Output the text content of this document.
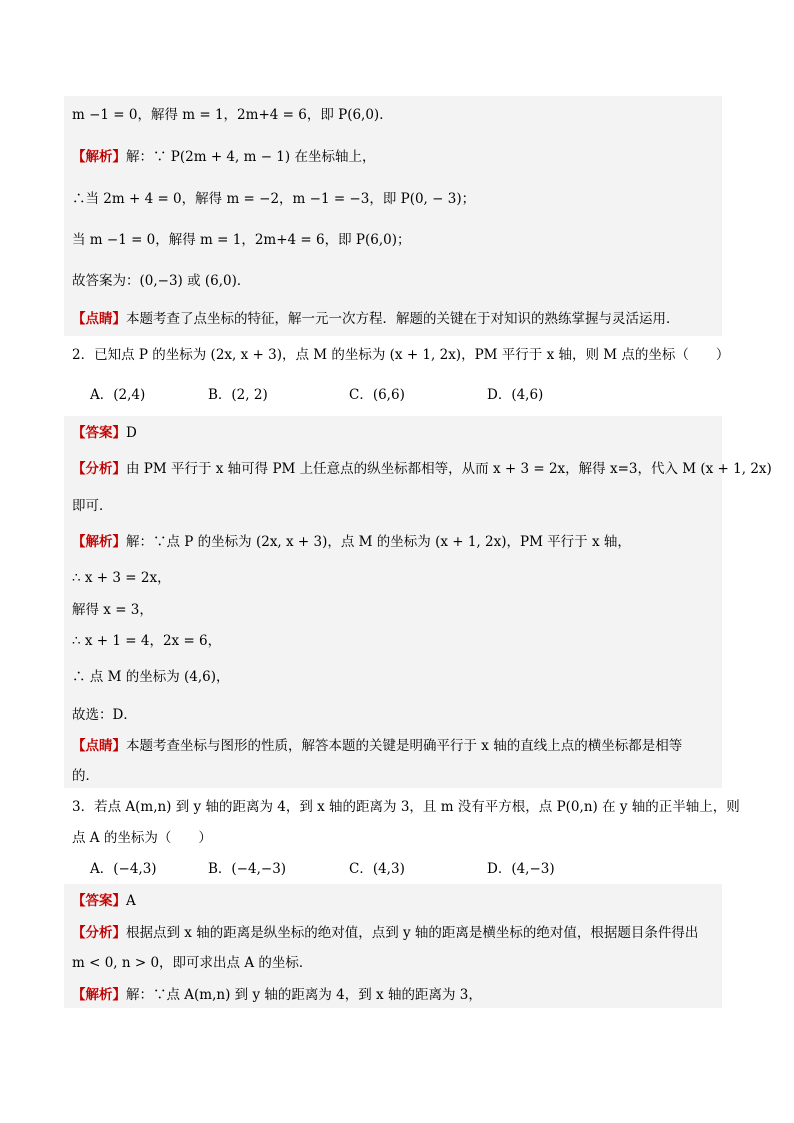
m −1 = 0，解得 m = 1，2m+4 = 6，即 P(6,0)．
【解析】解：∵ P(2m + 4, m − 1) 在坐标轴上，
∴当 2m + 4 = 0，解得 m = −2，m −1 = −3，即 P(0, − 3)；
当 m −1 = 0，解得 m = 1，2m+4 = 6，即 P(6,0)；
故答案为：(0,−3) 或 (6,0)．
【点睛】本题考查了点坐标的特征，解一元一次方程．解题的关键在于对知识的熟练掌握与灵活运用．
2．已知点 P 的坐标为 (2x, x + 3)，点 M 的坐标为 (x + 1, 2x)，PM 平行于 x 轴，则 M 点的坐标（　　）
A．(2,4)	B．(2, 2)	C．(6,6)	D．(4,6)
【答案】D
【分析】由 PM 平行于 x 轴可得 PM 上任意点的纵坐标都相等，从而 x + 3 = 2x，解得 x=3，代入 M (x + 1, 2x)
即可．
【解析】解：∵点 P 的坐标为 (2x, x + 3)，点 M 的坐标为 (x + 1, 2x)，PM 平行于 x 轴，
∴ x + 3 = 2x，
解得 x = 3，
∴ x + 1 = 4，2x = 6，
∴ 点 M 的坐标为 (4,6)，
故选：D．
【点睛】本题考查坐标与图形的性质，解答本题的关键是明确平行于 x 轴的直线上点的横坐标都是相等
的．
3．若点 A(m,n) 到 y 轴的距离为 4，到 x 轴的距离为 3，且 m 没有平方根，点 P(0,n) 在 y 轴的正半轴上，则
点 A 的坐标为（　　）
A．(−4,3)	B．(−4,−3)	C．(4,3)	D．(4,−3)
【答案】A
【分析】根据点到 x 轴的距离是纵坐标的绝对值，点到 y 轴的距离是横坐标的绝对值，根据题目条件得出
m < 0, n > 0，即可求出点 A 的坐标．
【解析】解：∵点 A(m,n) 到 y 轴的距离为 4，到 x 轴的距离为 3，
